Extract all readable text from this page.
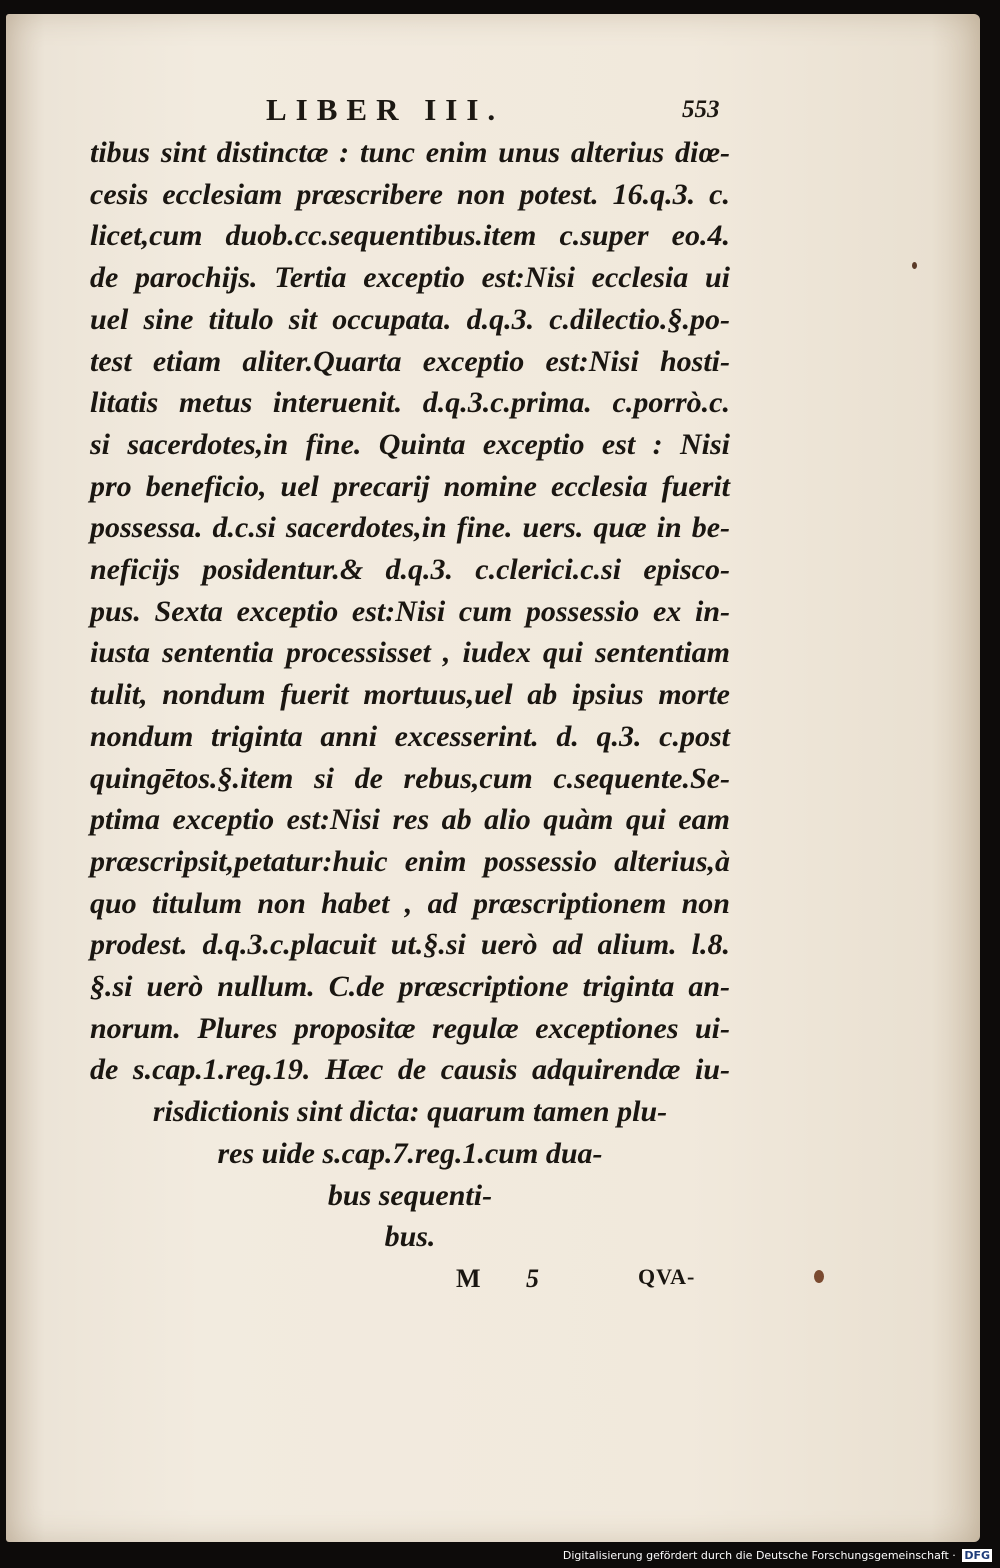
LIBER III.	553
tibus sint distinctæ : tunc enim unus alterius diœ-
cesis ecclesiam præscribere non potest. 16.q.3. c.
licet,cum duob.cc.sequentibus.item c.super eo.4.
de parochijs. Tertia exceptio est:Nisi ecclesia ui
uel sine titulo sit occupata. d.q.3. c.dilectio.§.po-
test etiam aliter.Quarta exceptio est:Nisi hosti-
litatis metus interuenit. d.q.3.c.prima. c.porrò.c.
si sacerdotes,in fine. Quinta exceptio est : Nisi
pro beneficio, uel precarij nomine ecclesia fuerit
possessa. d.c.si sacerdotes,in fine. uers. quæ in be-
neficijs posidentur.& d.q.3. c.clerici.c.si episco-
pus. Sexta exceptio est:Nisi cum possessio ex in-
iusta sententia processisset , iudex qui sententiam
tulit, nondum fuerit mortuus,uel ab ipsius morte
nondum triginta anni excesserint. d. q.3. c.post
quingētos.§.item si de rebus,cum c.sequente.Se-
ptima exceptio est:Nisi res ab alio quàm qui eam
præscripsit,petatur:huic enim possessio alterius,à
quo titulum non habet , ad præscriptionem non
prodest. d.q.3.c.placuit ut.§.si uerò ad alium. l.8.
§.si uerò nullum. C.de præscriptione triginta an-
norum. Plures propositæ regulæ exceptiones ui-
de s.cap.1.reg.19. Hæc de causis adquirendæ iu-
risdictionis sint dicta: quarum tamen plu-
res uide s.cap.7.reg.1.cum dua-
bus sequenti-
bus.
M 5	QVA-
Digitalisierung gefördert durch die Deutsche Forschungsgemeinschaft · DFG
